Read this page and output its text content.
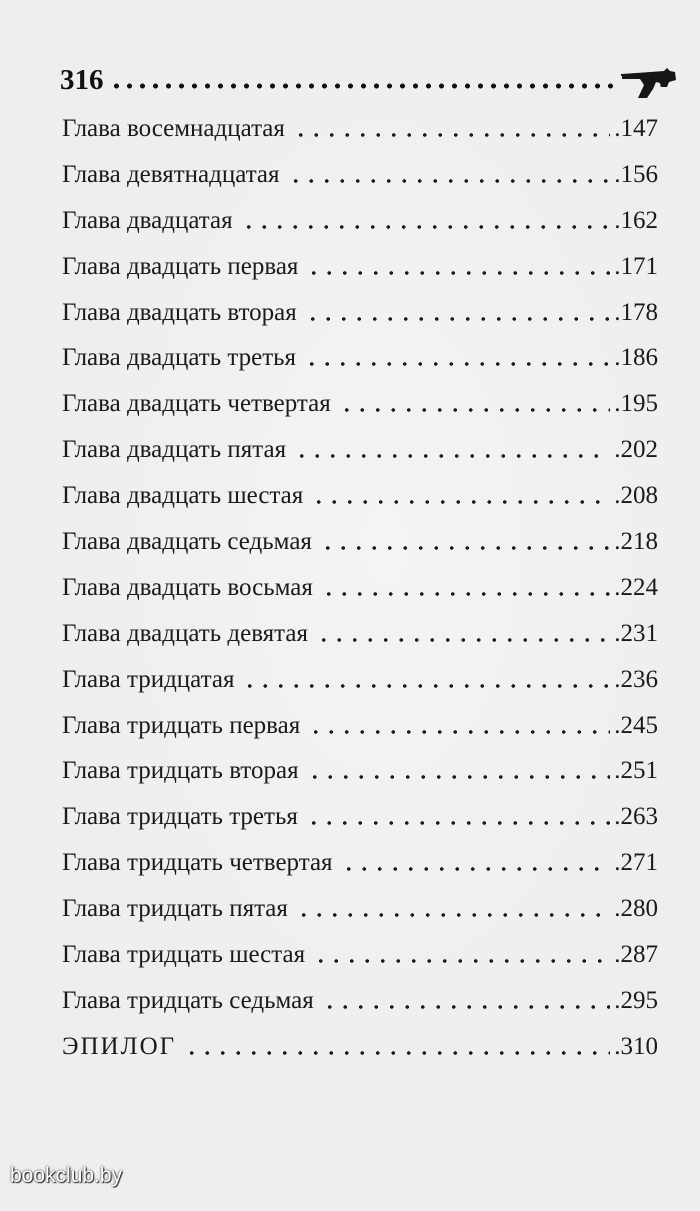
316
Глава восемнадцатая	.147
Глава девятнадцатая	.156
Глава двадцатая	.162
Глава двадцать первая	.171
Глава двадцать вторая	.178
Глава двадцать третья	.186
Глава двадцать четвертая	.195
Глава двадцать пятая	.202
Глава двадцать шестая	.208
Глава двадцать седьмая	.218
Глава двадцать восьмая	.224
Глава двадцать девятая	.231
Глава тридцатая	.236
Глава тридцать первая	.245
Глава тридцать вторая	.251
Глава тридцать третья	.263
Глава тридцать четвертая	.271
Глава тридцать пятая	.280
Глава тридцать шестая	.287
Глава тридцать седьмая	.295
ЭПИЛОГ	.310
bookclub.by
